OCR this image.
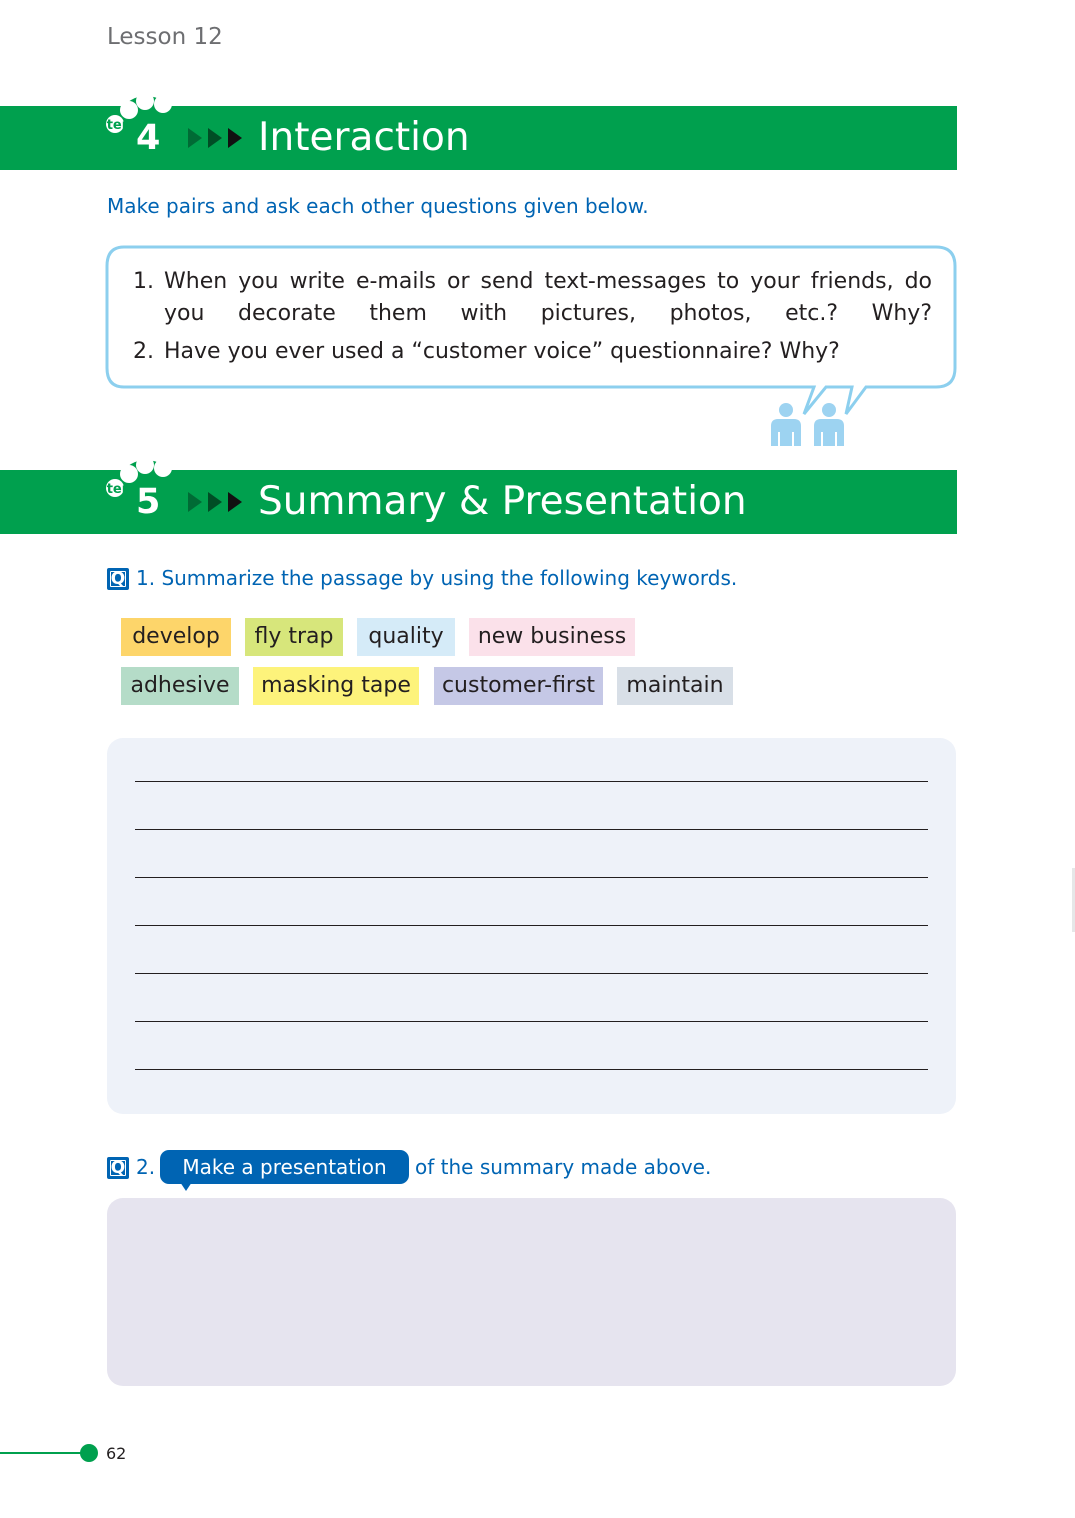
Lesson 12
step 4	Interaction
Make pairs and ask each other questions given below.
1. When you write e-mails or send text-messages to your friends, do you decorate them with pictures, photos, etc.? Why?
2. Have you ever used a “customer voice” questionnaire? Why?
step 5	Summary & Presentation
Q 1. Summarize the passage by using the following keywords.
develop	fly trap	quality	new business
adhesive	masking tape	customer-first	maintain
Q 2.	Make a presentation	of the summary made above.
62
